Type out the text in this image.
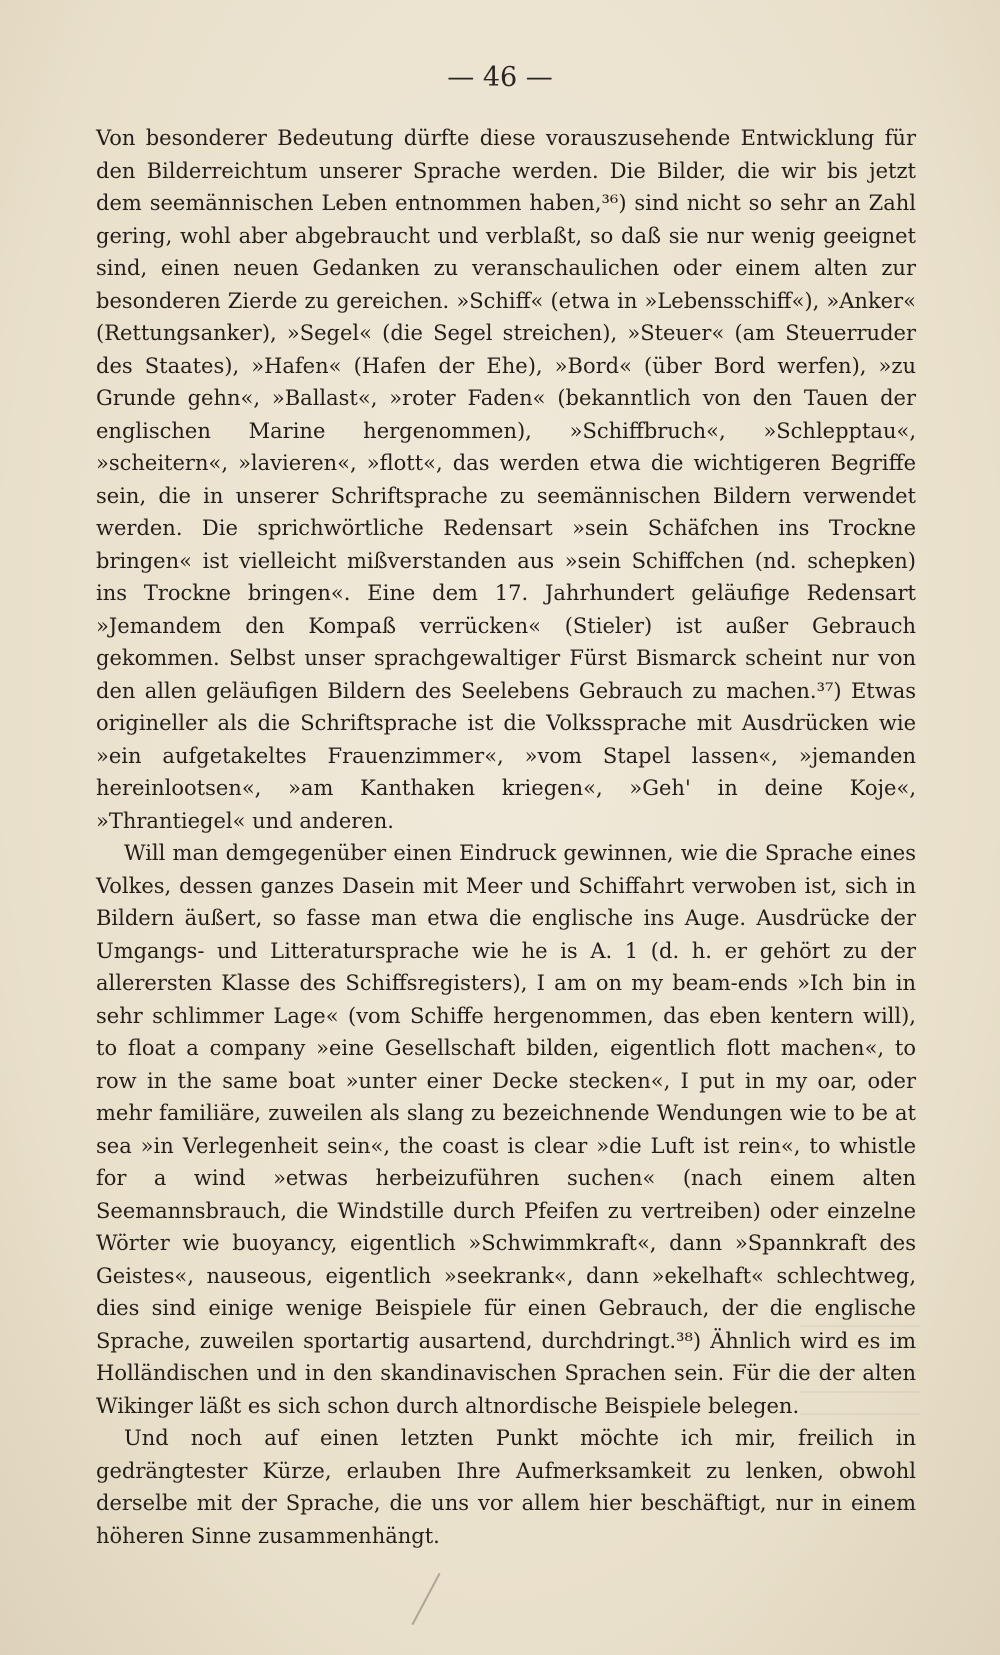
— 46 —

Von besonderer Bedeutung dürfte diese vorauszusehende Entwicklung für den Bilderreichtum unserer Sprache werden. Die Bilder, die wir bis jetzt dem seemännischen Leben entnommen haben,³⁶) sind nicht so sehr an Zahl gering, wohl aber abgebraucht und verblaßt, so daß sie nur wenig geeignet sind, einen neuen Gedanken zu veranschaulichen oder einem alten zur besonderen Zierde zu gereichen. »Schiff« (etwa in »Lebensschiff«), »Anker« (Rettungsanker), »Segel« (die Segel streichen), »Steuer« (am Steuerruder des Staates), »Hafen« (Hafen der Ehe), »Bord« (über Bord werfen), »zu Grunde gehn«, »Ballast«, »roter Faden« (bekanntlich von den Tauen der englischen Marine hergenommen), »Schiffbruch«, »Schlepptau«, »scheitern«, »lavieren«, »flott«, das werden etwa die wichtigeren Begriffe sein, die in unserer Schriftsprache zu seemännischen Bildern verwendet werden. Die sprichwörtliche Redensart »sein Schäfchen ins Trockne bringen« ist vielleicht mißverstanden aus »sein Schiffchen (nd. schepken) ins Trockne bringen«. Eine dem 17. Jahrhundert geläufige Redensart »Jemandem den Kompaß verrücken« (Stieler) ist außer Gebrauch gekommen. Selbst unser sprachgewaltiger Fürst Bismarck scheint nur von den allen geläufigen Bildern des Seelebens Gebrauch zu machen.³⁷) Etwas origineller als die Schriftsprache ist die Volkssprache mit Ausdrücken wie »ein aufgetakeltes Frauenzimmer«, »vom Stapel lassen«, »jemanden hereinlootsen«, »am Kanthaken kriegen«, »Geh' in deine Koje«, »Thrantiegel« und anderen.

Will man demgegenüber einen Eindruck gewinnen, wie die Sprache eines Volkes, dessen ganzes Dasein mit Meer und Schiffahrt verwoben ist, sich in Bildern äußert, so fasse man etwa die englische ins Auge. Ausdrücke der Umgangs- und Litteratursprache wie he is A. 1 (d. h. er gehört zu der allerersten Klasse des Schiffsregisters), I am on my beam-ends »Ich bin in sehr schlimmer Lage« (vom Schiffe hergenommen, das eben kentern will), to float a company »eine Gesellschaft bilden, eigentlich flott machen«, to row in the same boat »unter einer Decke stecken«, I put in my oar, oder mehr familiäre, zuweilen als slang zu bezeichnende Wendungen wie to be at sea »in Verlegenheit sein«, the coast is clear »die Luft ist rein«, to whistle for a wind »etwas herbeizuführen suchen« (nach einem alten Seemannsbrauch, die Windstille durch Pfeifen zu vertreiben) oder einzelne Wörter wie buoyancy, eigentlich »Schwimmkraft«, dann »Spannkraft des Geistes«, nauseous, eigentlich »seekrank«, dann »ekelhaft« schlechtweg, dies sind einige wenige Beispiele für einen Gebrauch, der die englische Sprache, zuweilen sportartig ausartend, durchdringt.³⁸) Ähnlich wird es im Holländischen und in den skandinavischen Sprachen sein. Für die der alten Wikinger läßt es sich schon durch altnordische Beispiele belegen.

Und noch auf einen letzten Punkt möchte ich mir, freilich in gedrängtester Kürze, erlauben Ihre Aufmerksamkeit zu lenken, obwohl derselbe mit der Sprache, die uns vor allem hier beschäftigt, nur in einem höheren Sinne zusammenhängt.
